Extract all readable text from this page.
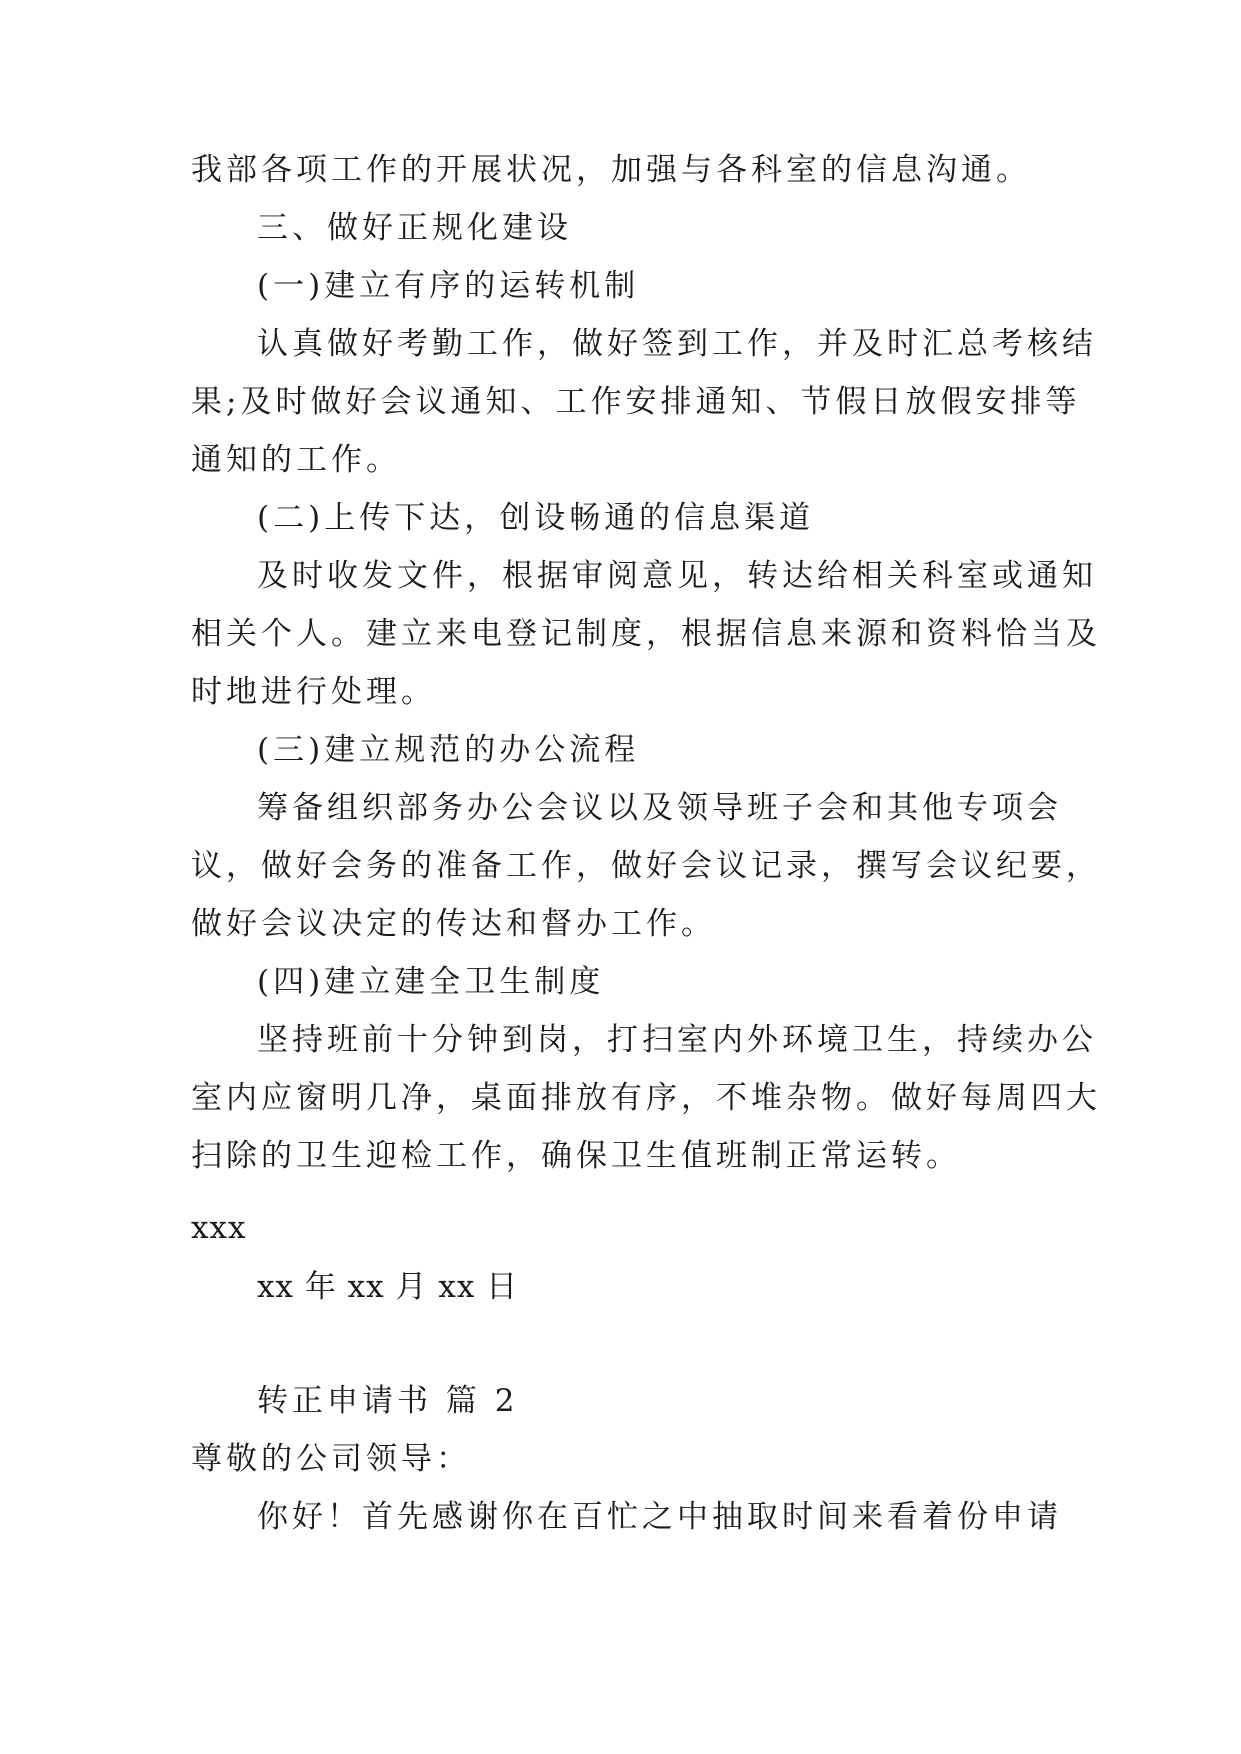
我部各项工作的开展状况，加强与各科室的信息沟通。
三、做好正规化建设
(一)建立有序的运转机制
认真做好考勤工作，做好签到工作，并及时汇总考核结
果;及时做好会议通知、工作安排通知、节假日放假安排等
通知的工作。
(二)上传下达，创设畅通的信息渠道
及时收发文件，根据审阅意见，转达给相关科室或通知
相关个人。建立来电登记制度，根据信息来源和资料恰当及
时地进行处理。
(三)建立规范的办公流程
筹备组织部务办公会议以及领导班子会和其他专项会
议，做好会务的准备工作，做好会议记录，撰写会议纪要，
做好会议决定的传达和督办工作。
(四)建立建全卫生制度
坚持班前十分钟到岗，打扫室内外环境卫生，持续办公
室内应窗明几净，桌面排放有序，不堆杂物。做好每周四大
扫除的卫生迎检工作，确保卫生值班制正常运转。
xxx
xx 年 xx 月 xx 日
转正申请书 篇 2
尊敬的公司领导：
你好！首先感谢你在百忙之中抽取时间来看着份申请
